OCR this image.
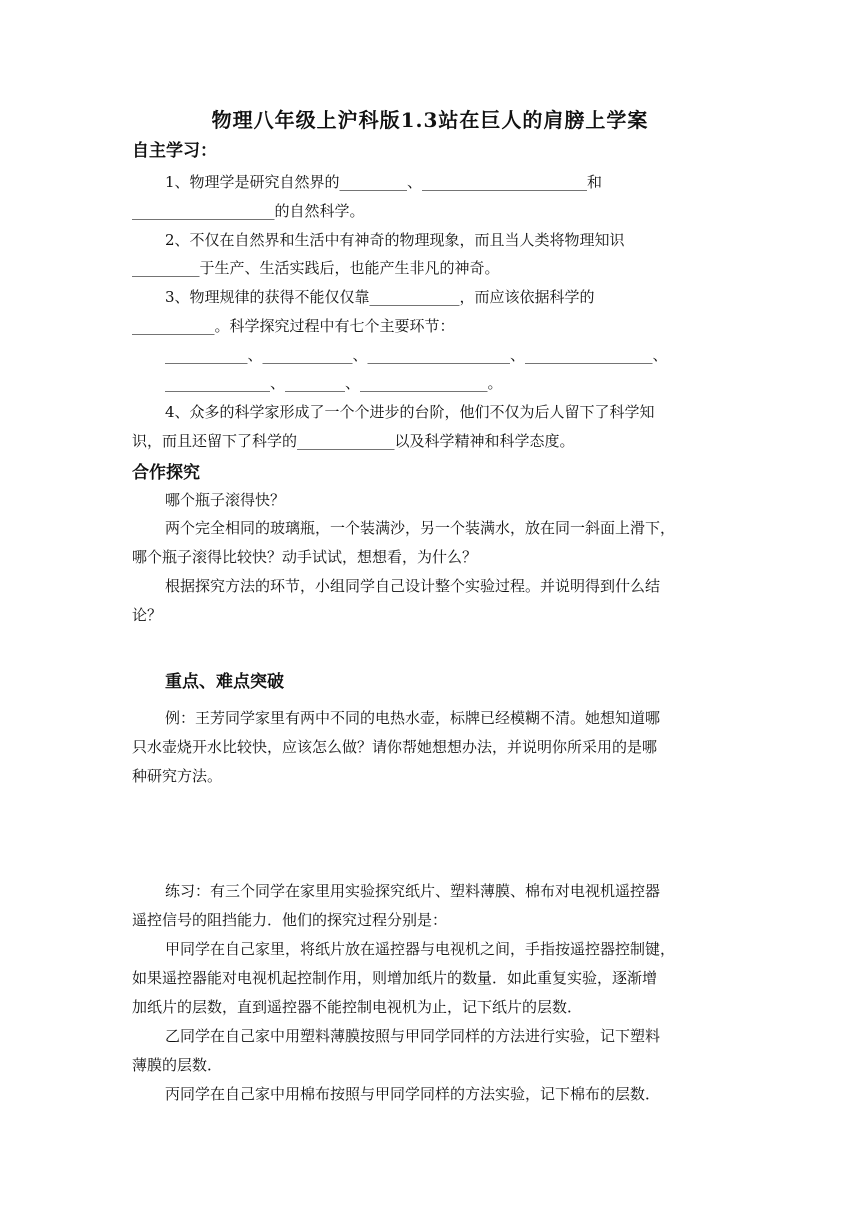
物理八年级上沪科版1.3站在巨人的肩膀上学案
自主学习：
1、物理学是研究自然界的_________、______________________和
___________________的自然科学。
2、不仅在自然界和生活中有神奇的物理现象，而且当人类将物理知识
_________于生产、生活实践后，也能产生非凡的神奇。
3、物理规律的获得不能仅仅靠____________，而应该依据科学的
___________。科学探究过程中有七个主要环节：
___________、____________、___________________、_________________、
______________、________、_________________。
4、众多的科学家形成了一个个进步的台阶，他们不仅为后人留下了科学知
识，而且还留下了科学的_____________以及科学精神和科学态度。
合作探究
哪个瓶子滚得快？
两个完全相同的玻璃瓶，一个装满沙，另一个装满水，放在同一斜面上滑下，
哪个瓶子滚得比较快？动手试试，想想看，为什么？
根据探究方法的环节，小组同学自己设计整个实验过程。并说明得到什么结
论？
重点、难点突破
例：王芳同学家里有两中不同的电热水壶，标牌已经模糊不清。她想知道哪
只水壶烧开水比较快，应该怎么做？请你帮她想想办法，并说明你所采用的是哪
种研究方法。
练习：有三个同学在家里用实验探究纸片、塑料薄膜、棉布对电视机遥控器
遥控信号的阻挡能力．他们的探究过程分别是：
甲同学在自己家里，将纸片放在遥控器与电视机之间，手指按遥控器控制键，
如果遥控器能对电视机起控制作用，则增加纸片的数量．如此重复实验，逐渐增
加纸片的层数，直到遥控器不能控制电视机为止，记下纸片的层数．
乙同学在自己家中用塑料薄膜按照与甲同学同样的方法进行实验，记下塑料
薄膜的层数．
丙同学在自己家中用棉布按照与甲同学同样的方法实验，记下棉布的层数．
